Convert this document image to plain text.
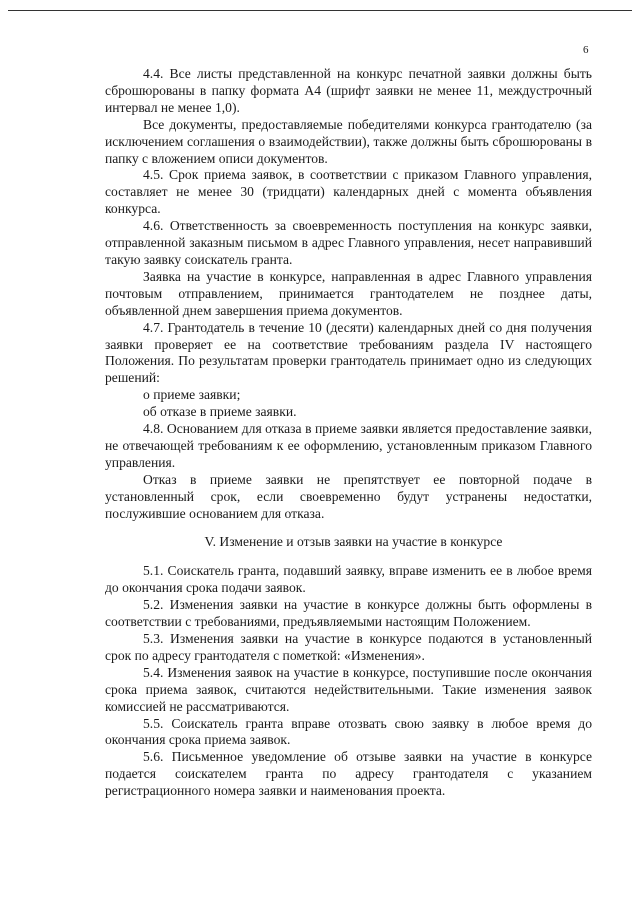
6

4.4. Все листы представленной на конкурс печатной заявки должны быть сброшюрованы в папку формата А4 (шрифт заявки не менее 11, междустрочный интервал не менее 1,0).

Все документы, предоставляемые победителями конкурса грантодателю (за исключением соглашения о взаимодействии), также должны быть сброшюрованы в папку с вложением описи документов.

4.5. Срок приема заявок, в соответствии с приказом Главного управления, составляет не менее 30 (тридцати) календарных дней с момента объявления конкурса.

4.6. Ответственность за своевременность поступления на конкурс заявки, отправленной заказным письмом в адрес Главного управления, несет направивший такую заявку соискатель гранта.

Заявка на участие в конкурсе, направленная в адрес Главного управления почтовым отправлением, принимается грантодателем не позднее даты, объявленной днем завершения приема документов.

4.7. Грантодатель в течение 10 (десяти) календарных дней со дня получения заявки проверяет ее на соответствие требованиям раздела IV настоящего Положения. По результатам проверки грантодатель принимает одно из следующих решений:

о приеме заявки;

об отказе в приеме заявки.

4.8. Основанием для отказа в приеме заявки является предоставление заявки, не отвечающей требованиям к ее оформлению, установленным приказом Главного управления.

Отказ в приеме заявки не препятствует ее повторной подаче в установленный срок, если своевременно будут устранены недостатки, послужившие основанием для отказа.

V. Изменение и отзыв заявки на участие в конкурсе

5.1. Соискатель гранта, подавший заявку, вправе изменить ее в любое время до окончания срока подачи заявок.

5.2. Изменения заявки на участие в конкурсе должны быть оформлены в соответствии с требованиями, предъявляемыми настоящим Положением.

5.3. Изменения заявки на участие в конкурсе подаются в установленный срок по адресу грантодателя с пометкой: «Изменения».

5.4. Изменения заявок на участие в конкурсе, поступившие после окончания срока приема заявок, считаются недействительными. Такие изменения заявок комиссией не рассматриваются.

5.5. Соискатель гранта вправе отозвать свою заявку в любое время до окончания срока приема заявок.

5.6. Письменное уведомление об отзыве заявки на участие в конкурсе подается соискателем гранта по адресу грантодателя с указанием регистрационного номера заявки и наименования проекта.
